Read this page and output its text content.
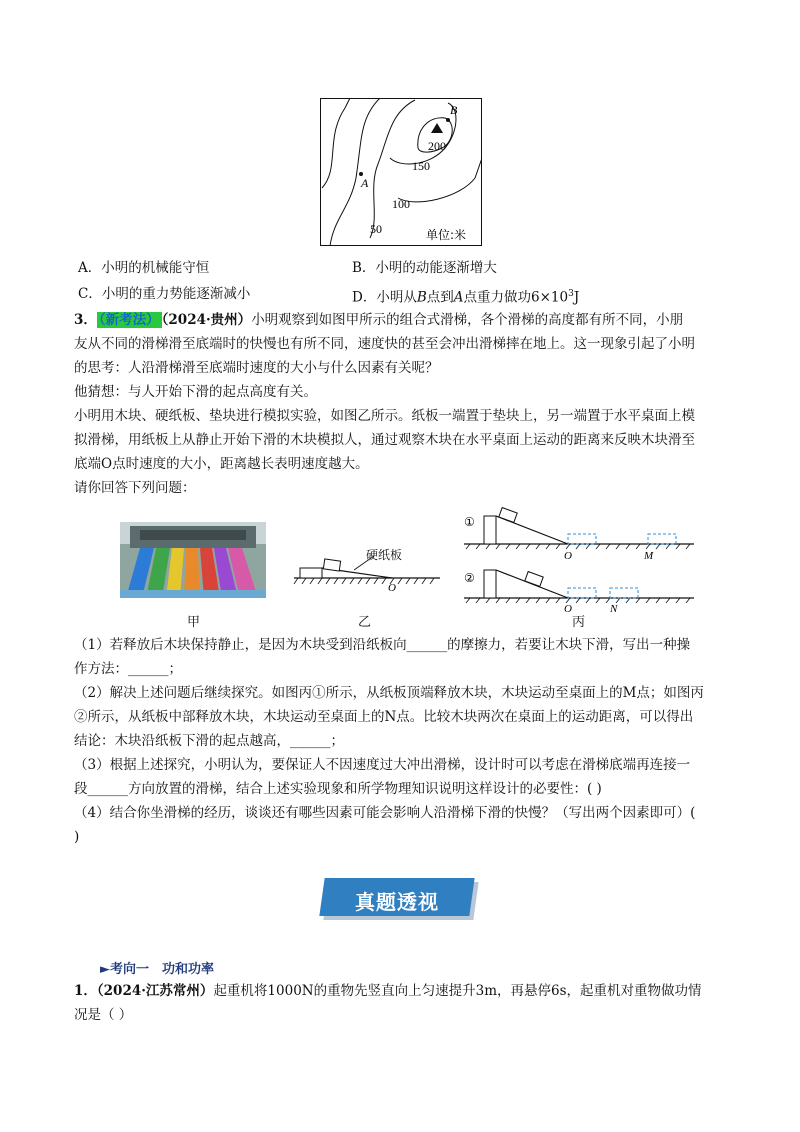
B
A
200
150
100
50	单位:米
A．小明的机械能守恒	B．小明的动能逐渐增大
C．小明的重力势能逐渐减小	D．小明从B点到A点重力做功$6\times 10^3J$
3． （新考法） （2024·贵州）小明观察到如图甲所示的组合式滑梯，各个滑梯的高度都有所不同，小朋
友从不同的滑梯滑至底端时的快慢也有所不同，速度快的甚至会冲出滑梯摔在地上。这一现象引起了小明
的思考：人沿滑梯滑至底端时速度的大小与什么因素有关呢？
他猜想：与人开始下滑的起点高度有关。
小明用木块、硬纸板、垫块进行模拟实验，如图乙所示。纸板一端置于垫块上，另一端置于水平桌面上模
拟滑梯，用纸板上从静止开始下滑的木块模拟人，通过观察木块在水平桌面上运动的距离来反映木块滑至
底端O点时速度的大小，距离越长表明速度越大。
请你回答下列问题：
甲
O
硬纸板
乙
①
②
O	M
O	N
丙
（1）若释放后木块保持静止，是因为木块受到沿纸板向______的摩擦力，若要让木块下滑，写出一种操
作方法：______；
（2）解决上述问题后继续探究。如图丙①所示，从纸板顶端释放木块，木块运动至桌面上的M点；如图丙
②所示，从纸板中部释放木块，木块运动至桌面上的N点。比较木块两次在桌面上的运动距离，可以得出
结论：木块沿纸板下滑的起点越高，______；
（3）根据上述探究，小明认为，要保证人不因速度过大冲出滑梯，设计时可以考虑在滑梯底端再连接一
段______方向放置的滑梯，结合上述实验现象和所学物理知识说明这样设计的必要性：( )
（4）结合你坐滑梯的经历，谈谈还有哪些因素可能会影响人沿滑梯下滑的快慢？（写出两个因素即可）(
)
真题透视
►考向一　功和功率
1．（2024·江苏常州）起重机将1000N的重物先竖直向上匀速提升3m，再悬停6s，起重机对重物做功情
况是（ ）
